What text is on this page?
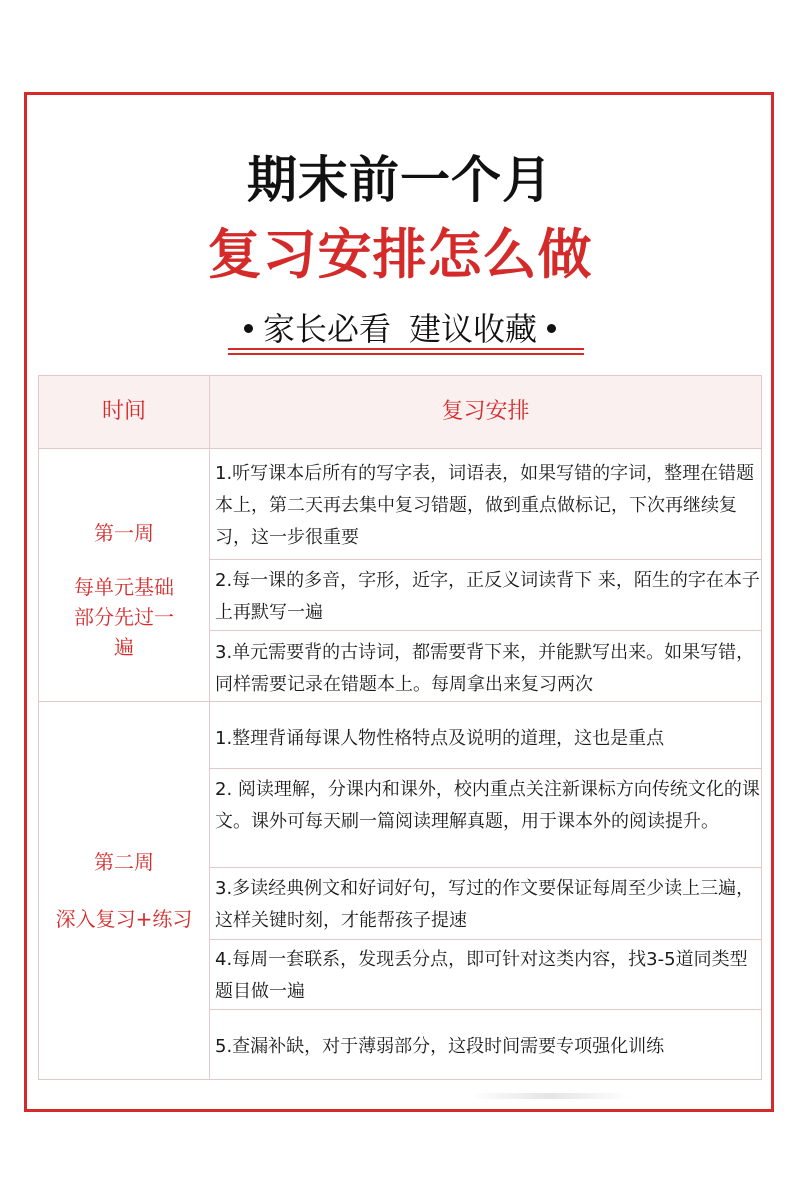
期末前一个月
复习安排怎么做
家长必看 建议收藏
时间	复习安排
第一周
每单元基础部分先过一遍
1.听写课本后所有的写字表，词语表，如果写错的字词，整理在错题本上，第二天再去集中复习错题，做到重点做标记，下次再继续复习，这一步很重要
2.每一课的多音，字形，近字，正反义词读背下 来，陌生的字在本子上再默写一遍
3.单元需要背的古诗词，都需要背下来，并能默写出来。如果写错，同样需要记录在错题本上。每周拿出来复习两次
第二周
深入复习+练习
1.整理背诵每课人物性格特点及说明的道理，这也是重点
2. 阅读理解，分课内和课外，校内重点关注新课标方向传统文化的课文。课外可每天刷一篇阅读理解真题，用于课本外的阅读提升。
3.多读经典例文和好词好句，写过的作文要保证每周至少读上三遍，这样关键时刻，才能帮孩子提速
4.每周一套联系，发现丢分点，即可针对这类内容，找3-5道同类型题目做一遍
5.查漏补缺，对于薄弱部分，这段时间需要专项强化训练
